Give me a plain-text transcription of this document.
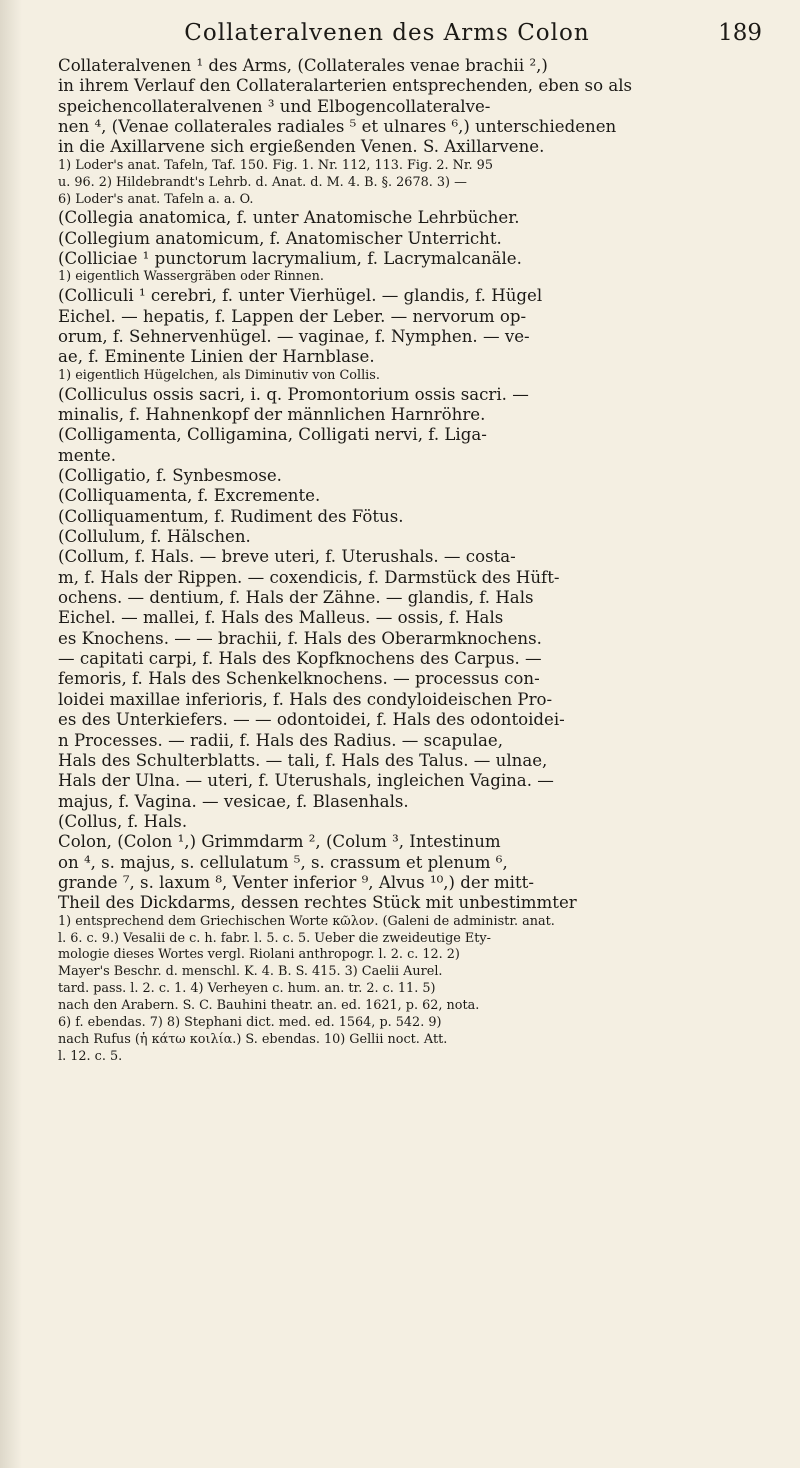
Collateralvenen des Arms Colon	189
Collateralvenen ¹ des Arms, (Collaterales venae brachii ²,)
in ihrem Verlauf den Collateralarterien entsprechenden, eben so als
speichencollateralvenen ³ und Elbogencollateralve-
nen ⁴, (Venae collaterales radiales ⁵ et ulnares ⁶,) unterschiedenen
in die Axillarvene sich ergießenden Venen. S. Axillarvene.
1) Loder's anat. Tafeln, Taf. 150. Fig. 1. Nr. 112, 113. Fig. 2. Nr. 95
u. 96. 2) Hildebrandt's Lehrb. d. Anat. d. M. 4. B. §. 2678. 3) —
6) Loder's anat. Tafeln a. a. O.
(Collegia anatomica, f. unter Anatomische Lehrbücher.
(Collegium anatomicum, f. Anatomischer Unterricht.
(Colliciae ¹ punctorum lacrymalium, f. Lacrymalcanäle.
1) eigentlich Wassergräben oder Rinnen.
(Colliculi ¹ cerebri, f. unter Vierhügel. — glandis, f. Hügel
Eichel. — hepatis, f. Lappen der Leber. — nervorum op-
orum, f. Sehnervenhügel. — vaginae, f. Nymphen. — ve-
ae, f. Eminente Linien der Harnblase.
1) eigentlich Hügelchen, als Diminutiv von Collis.
(Colliculus ossis sacri, i. q. Promontorium ossis sacri. —
minalis, f. Hahnenkopf der männlichen Harnröhre.
(Colligamenta, Colligamina, Colligati nervi, f. Liga-
mente.
(Colligatio, f. Synbesmose.
(Colliquamenta, f. Excremente.
(Colliquamentum, f. Rudiment des Fötus.
(Collulum, f. Hälschen.
(Collum, f. Hals. — breve uteri, f. Uterushals. — costa-
m, f. Hals der Rippen. — coxendicis, f. Darmstück des Hüft-
ochens. — dentium, f. Hals der Zähne. — glandis, f. Hals
Eichel. — mallei, f. Hals des Malleus. — ossis, f. Hals
es Knochens. — — brachii, f. Hals des Oberarmknochens.
— capitati carpi, f. Hals des Kopfknochens des Carpus. —
femoris, f. Hals des Schenkelknochens. — processus con-
loidei maxillae inferioris, f. Hals des condyloideischen Pro-
es des Unterkiefers. — — odontoidei, f. Hals des odontoidei-
n Processes. — radii, f. Hals des Radius. — scapulae,
Hals des Schulterblatts. — tali, f. Hals des Talus. — ulnae,
Hals der Ulna. — uteri, f. Uterushals, ingleichen Vagina. —
majus, f. Vagina. — vesicae, f. Blasenhals.
(Collus, f. Hals.
Colon, (Colon ¹,) Grimmdarm ², (Colum ³, Intestinum
on ⁴, s. majus, s. cellulatum ⁵, s. crassum et plenum ⁶,
grande ⁷, s. laxum ⁸, Venter inferior ⁹, Alvus ¹⁰,) der mitt-
Theil des Dickdarms, dessen rechtes Stück mit unbestimmter
1) entsprechend dem Griechischen Worte κῶλον. (Galeni de administr. anat.
l. 6. c. 9.) Vesalii de c. h. fabr. l. 5. c. 5. Ueber die zweideutige Ety-
mologie dieses Wortes vergl. Riolani anthropogr. l. 2. c. 12. 2)
Mayer's Beschr. d. menschl. K. 4. B. S. 415. 3) Caelii Aurel.
tard. pass. l. 2. c. 1. 4) Verheyen c. hum. an. tr. 2. c. 11. 5)
nach den Arabern. S. C. Bauhini theatr. an. ed. 1621, p. 62, nota.
6) f. ebendas. 7) 8) Stephani dict. med. ed. 1564, p. 542. 9)
nach Rufus (ἡ κάτω κοιλία.) S. ebendas. 10) Gellii noct. Att.
l. 12. c. 5.
